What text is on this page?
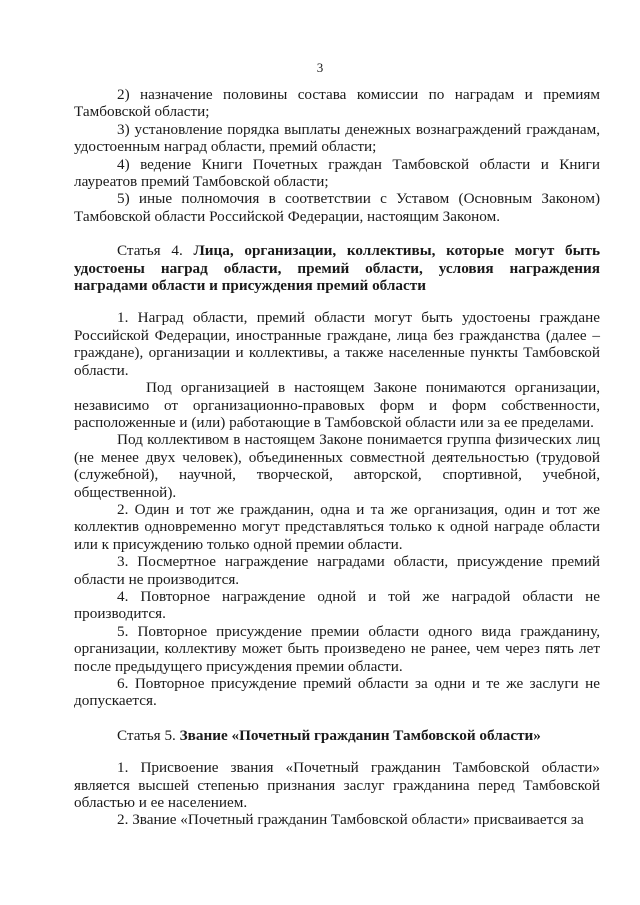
3

2) назначение половины состава комиссии по наградам и премиям Тамбовской области;

3) установление порядка выплаты денежных вознаграждений гражданам, удостоенным наград области, премий области;

4) ведение Книги Почетных граждан Тамбовской области и Книги лауреатов премий Тамбовской области;

5) иные полномочия в соответствии с Уставом (Основным Законом) Тамбовской области Российской Федерации, настоящим Законом.

Статья 4. Лица, организации, коллективы, которые могут быть удостоены наград области, премий области, условия награждения наградами области и присуждения премий области

1. Наград области, премий области могут быть удостоены граждане Российской Федерации, иностранные граждане, лица без гражданства (далее – граждане), организации и коллективы, а также населенные пункты Тамбовской области.

Под организацией в настоящем Законе понимаются организации, независимо от организационно-правовых форм и форм собственности, расположенные и (или) работающие в Тамбовской области или за ее пределами.

Под коллективом в настоящем Законе понимается группа физических лиц (не менее двух человек), объединенных совместной деятельностью (трудовой (служебной), научной, творческой, авторской, спортивной, учебной, общественной).

2. Один и тот же гражданин, одна и та же организация, один и тот же коллектив одновременно могут представляться только к одной награде области или к присуждению только одной премии области.

3. Посмертное награждение наградами области, присуждение премий области не производится.

4. Повторное награждение одной и той же наградой области не производится.

5. Повторное присуждение премии области одного вида гражданину, организации, коллективу может быть произведено не ранее, чем через пять лет после предыдущего присуждения премии области.

6. Повторное присуждение премий области за одни и те же заслуги не допускается.

Статья 5. Звание «Почетный гражданин Тамбовской области»

1. Присвоение звания «Почетный гражданин Тамбовской области» является высшей степенью признания заслуг гражданина перед Тамбовской областью и ее населением.

2. Звание «Почетный гражданин Тамбовской области» присваивается за
